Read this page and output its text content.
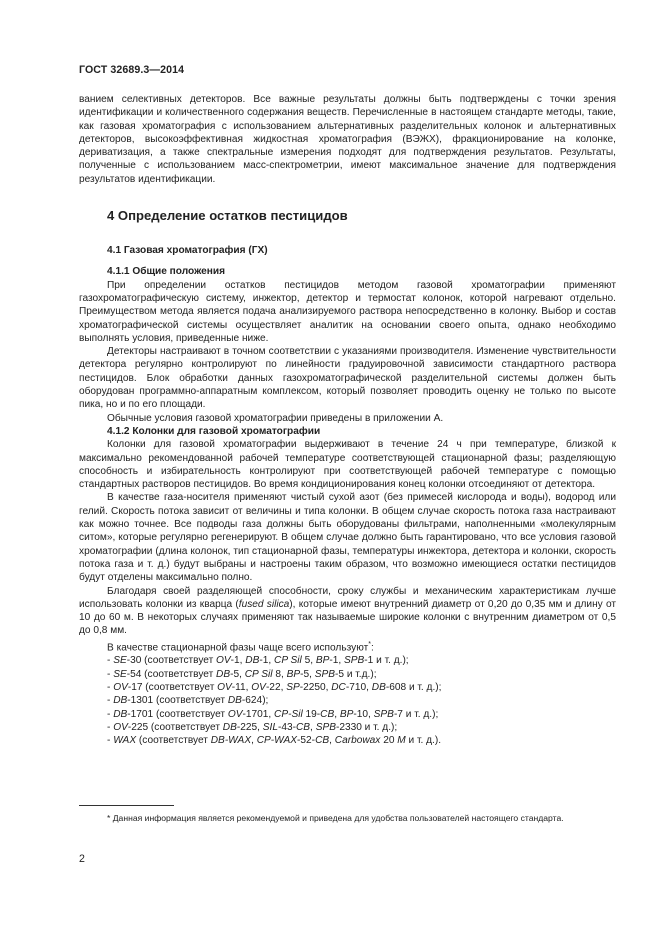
ГОСТ 32689.3—2014

ванием селективных детекторов. Все важные результаты должны быть подтверждены с точки зрения идентификации и количественного содержания веществ. Перечисленные в настоящем стандарте методы, такие, как газовая хроматография с использованием альтернативных разделительных колонок и альтернативных детекторов, высокоэффективная жидкостная хроматография (ВЭЖХ), фракционирование на колонке, дериватизация, а также спектральные измерения подходят для подтверждения результатов. Результаты, полученные с использованием масс-спектрометрии, имеют максимальное значение для подтверждения результатов идентификации.

4 Определение остатков пестицидов
4.1 Газовая хроматография (ГХ)
4.1.1 Общие положения

При определении остатков пестицидов методом газовой хроматографии применяют газохроматографическую систему, инжектор, детектор и термостат колонок, которой нагревают отдельно. Преимуществом метода является подача анализируемого раствора непосредственно в колонку. Выбор и состав хроматографической системы осуществляет аналитик на основании своего опыта, однако необходимо выполнять условия, приведенные ниже.

Детекторы настраивают в точном соответствии с указаниями производителя. Изменение чувствительности детектора регулярно контролируют по линейности градуировочной зависимости стандартного раствора пестицидов. Блок обработки данных газохроматографической разделительной системы должен быть оборудован программно-аппаратным комплексом, который позволяет проводить оценку не только по высоте пика, но и по его площади.

Обычные условия газовой хроматографии приведены в приложении А.

4.1.2 Колонки для газовой хроматографии

Колонки для газовой хроматографии выдерживают в течение 24 ч при температуре, близкой к максимально рекомендованной рабочей температуре соответствующей стационарной фазы; разделяющую способность и избирательность контролируют при соответствующей рабочей температуре с помощью стандартных растворов пестицидов. Во время кондиционирования конец колонки отсоединяют от детектора.

В качестве газа-носителя применяют чистый сухой азот (без примесей кислорода и воды), водород или гелий. Скорость потока зависит от величины и типа колонки. В общем случае скорость потока газа настраивают как можно точнее. Все подводы газа должны быть оборудованы фильтрами, наполненными «молекулярным ситом», которые регулярно регенерируют. В общем случае должно быть гарантировано, что все условия газовой хроматографии (длина колонок, тип стационарной фазы, температуры инжектора, детектора и колонки, скорость потока газа и т. д.) будут выбраны и настроены таким образом, что возможно имеющиеся остатки пестицидов будут отделены максимально полно.

Благодаря своей разделяющей способности, сроку службы и механическим характеристикам лучше использовать колонки из кварца (fused silica), которые имеют внутренний диаметр от 0,20 до 0,35 мм и длину от 10 до 60 м. В некоторых случаях применяют так называемые широкие колонки с внутренним диаметром от 0,5 до 0,8 мм.

В качестве стационарной фазы чаще всего используют*:

- SE-30 (соответствует OV-1, DB-1, CP Sil 5, BP-1, SPB-1 и т. д.);
- SE-54 (соответствует DB-5, CP Sil 8, BP-5, SPB-5 и т.д.);
- OV-17 (соответствует OV-11, OV-22, SP-2250, DC-710, DB-608 и т. д.);
- DB-1301 (соответствует DB-624);
- DB-1701 (соответствует OV-1701, CP-Sil 19-CB, BP-10, SPB-7 и т. д.);
- OV-225 (соответствует DB-225, SIL-43-CB, SPB-2330 и т. д.);
- WAX (соответствует DB-WAX, CP-WAX-52-CB, Carbowax 20 M и т. д.).
* Данная информация является рекомендуемой и приведена для удобства пользователей настоящего стандарта.
2
